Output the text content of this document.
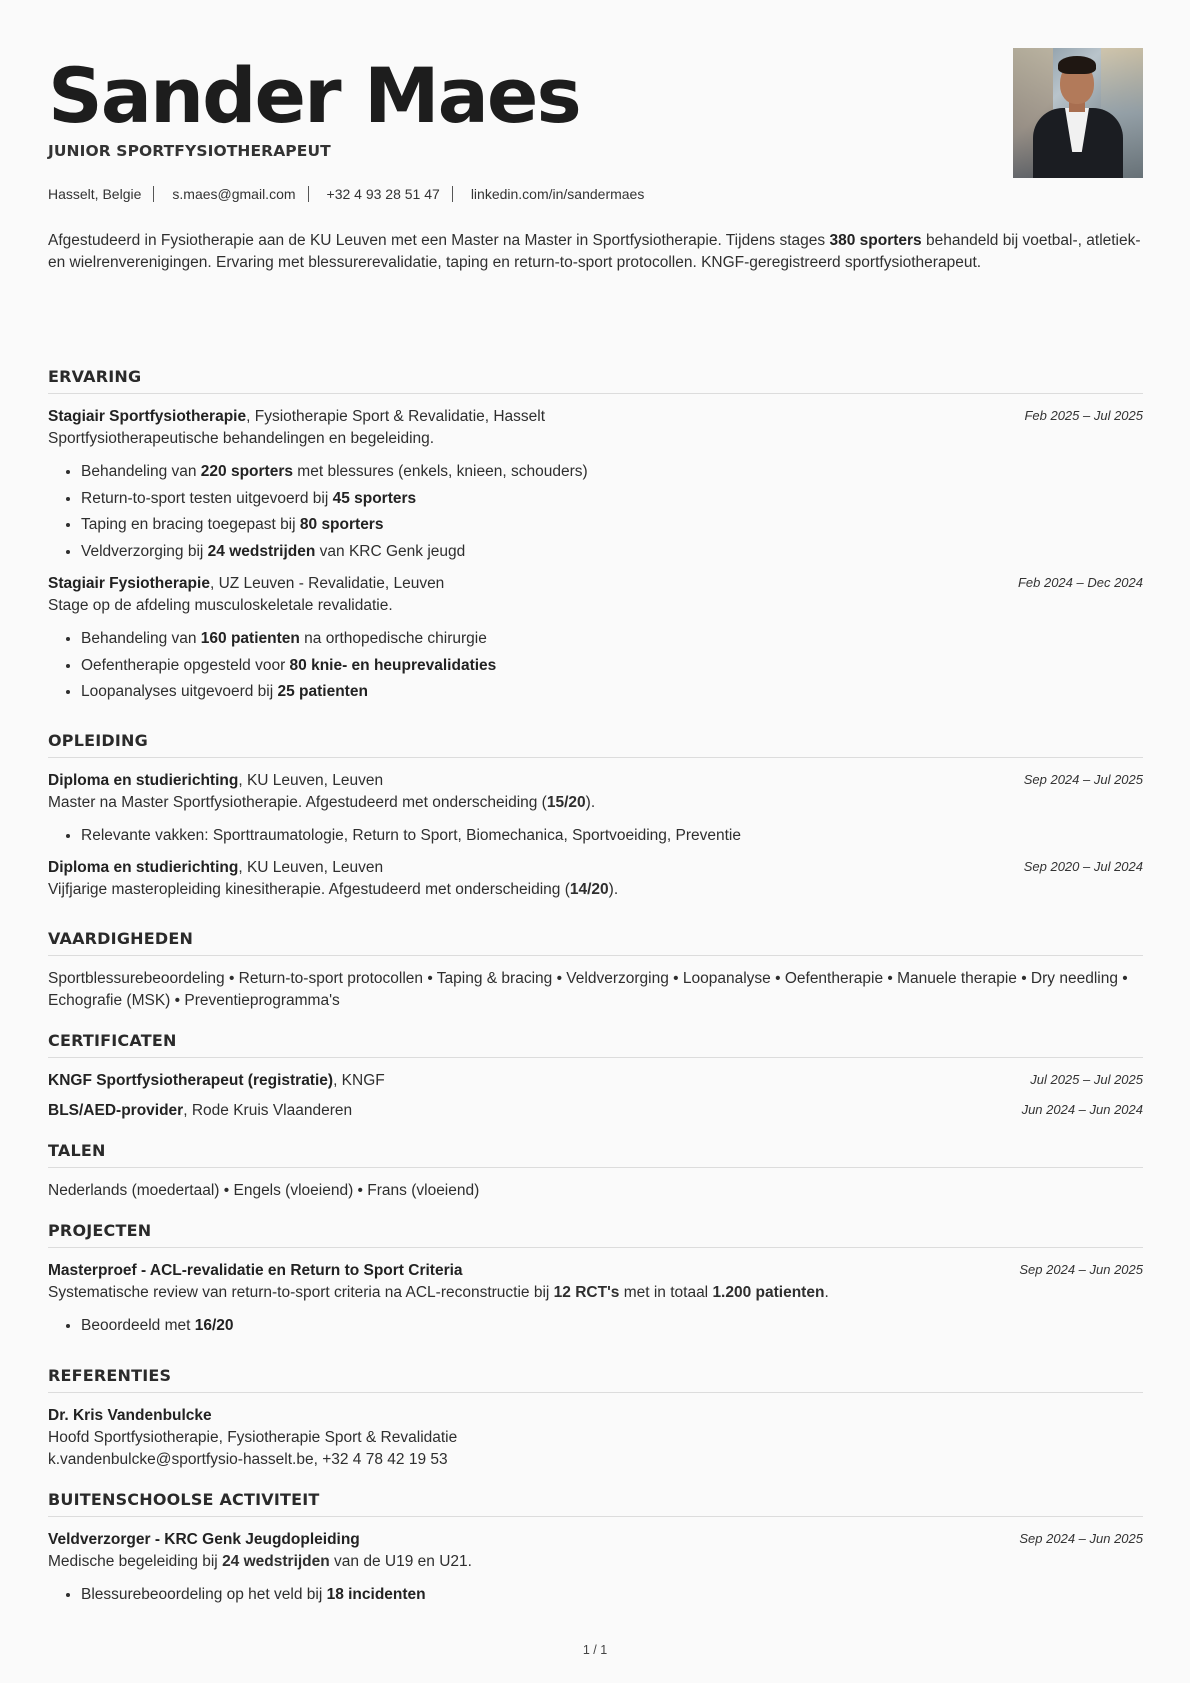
Sander Maes
JUNIOR SPORTFYSIOTHERAPEUT
Hasselt, Belgie s.maes@gmail.com +32 4 93 28 51 47 linkedin.com/in/sandermaes
Afgestudeerd in Fysiotherapie aan de KU Leuven met een Master na Master in Sportfysiotherapie. Tijdens stages 380 sporters behandeld bij voetbal-, atletiek- en wielrenverenigingen. Ervaring met blessurerevalidatie, taping en return-to-sport protocollen. KNGF-geregistreerd sportfysiotherapeut.
ERVARING
Stagiair Sportfysiotherapie, Fysiotherapie Sport & Revalidatie, Hasselt	Feb 2025 – Jul 2025
Sportfysiotherapeutische behandelingen en begeleiding.
• Behandeling van 220 sporters met blessures (enkels, knieen, schouders)
• Return-to-sport testen uitgevoerd bij 45 sporters
• Taping en bracing toegepast bij 80 sporters
• Veldverzorging bij 24 wedstrijden van KRC Genk jeugd
Stagiair Fysiotherapie, UZ Leuven - Revalidatie, Leuven	Feb 2024 – Dec 2024
Stage op de afdeling musculoskeletale revalidatie.
• Behandeling van 160 patienten na orthopedische chirurgie
• Oefentherapie opgesteld voor 80 knie- en heuprevalidaties
• Loopanalyses uitgevoerd bij 25 patienten
OPLEIDING
Diploma en studierichting, KU Leuven, Leuven	Sep 2024 – Jul 2025
Master na Master Sportfysiotherapie. Afgestudeerd met onderscheiding (15/20).
• Relevante vakken: Sporttraumatologie, Return to Sport, Biomechanica, Sportvoeiding, Preventie
Diploma en studierichting, KU Leuven, Leuven	Sep 2020 – Jul 2024
Vijfjarige masteropleiding kinesitherapie. Afgestudeerd met onderscheiding (14/20).
VAARDIGHEDEN
Sportblessurebeoordeling • Return-to-sport protocollen • Taping & bracing • Veldverzorging • Loopanalyse • Oefentherapie • Manuele therapie • Dry needling • Echografie (MSK) • Preventieprogramma's
CERTIFICATEN
KNGF Sportfysiotherapeut (registratie), KNGF	Jul 2025 – Jul 2025
BLS/AED-provider, Rode Kruis Vlaanderen	Jun 2024 – Jun 2024
TALEN
Nederlands (moedertaal) • Engels (vloeiend) • Frans (vloeiend)
PROJECTEN
Masterproef - ACL-revalidatie en Return to Sport Criteria	Sep 2024 – Jun 2025
Systematische review van return-to-sport criteria na ACL-reconstructie bij 12 RCT's met in totaal 1.200 patienten.
• Beoordeeld met 16/20
REFERENTIES
Dr. Kris Vandenbulcke
Hoofd Sportfysiotherapie, Fysiotherapie Sport & Revalidatie
k.vandenbulcke@sportfysio-hasselt.be, +32 4 78 42 19 53
BUITENSCHOOLSE ACTIVITEIT
Veldverzorger - KRC Genk Jeugdopleiding	Sep 2024 – Jun 2025
Medische begeleiding bij 24 wedstrijden van de U19 en U21.
• Blessurebeoordeling op het veld bij 18 incidenten
1 / 1
